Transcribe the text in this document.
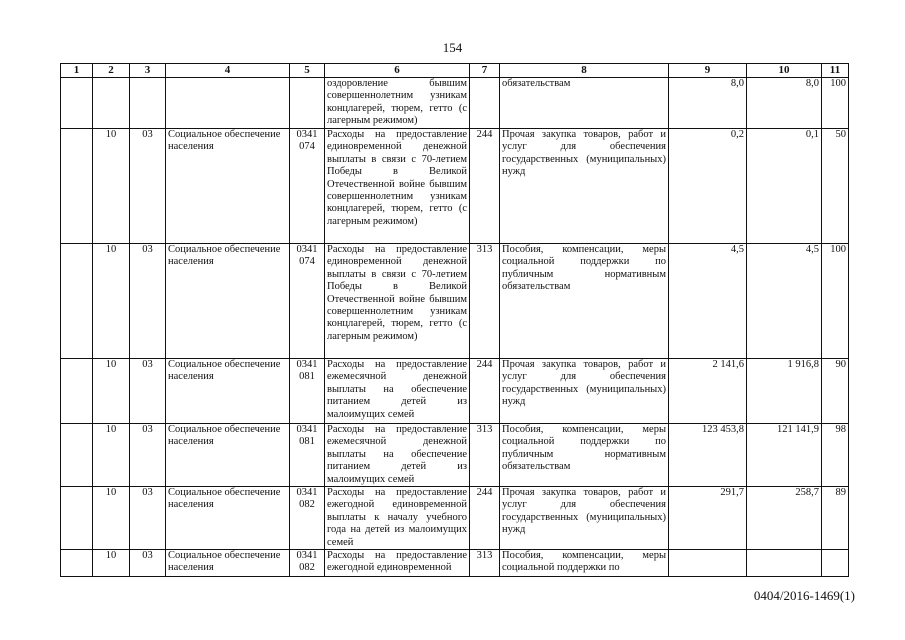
154
1	2	3	4	5	6	7	8	9	10	11
					оздоровление бывшим совершеннолетним узникам концлагерей, тюрем, гетто (с лагерным режимом)		обязательствам	8,0	8,0	100
	10	03	Социальное обеспечение населения	0341 074	Расходы на предоставление единовременной денежной выплаты в связи с 70-летием Победы в Великой Отечественной войне бывшим совершеннолетним узникам концлагерей, тюрем, гетто (с лагерным режимом)	244	Прочая закупка товаров, работ и услуг для обеспечения государственных (муниципальных) нужд	0,2	0,1	50
	10	03	Социальное обеспечение населения	0341 074	Расходы на предоставление единовременной денежной выплаты в связи с 70-летием Победы в Великой Отечественной войне бывшим совершеннолетним узникам концлагерей, тюрем, гетто (с лагерным режимом)	313	Пособия, компенсации, меры социальной поддержки по публичным нормативным обязательствам	4,5	4,5	100
	10	03	Социальное обеспечение населения	0341 081	Расходы на предоставление ежемесячной денежной выплаты на обеспечение питанием детей из малоимущих семей	244	Прочая закупка товаров, работ и услуг для обеспечения государственных (муниципальных) нужд	2 141,6	1 916,8	90
	10	03	Социальное обеспечение населения	0341 081	Расходы на предоставление ежемесячной денежной выплаты на обеспечение питанием детей из малоимущих семей	313	Пособия, компенсации, меры социальной поддержки по публичным нормативным обязательствам	123 453,8	121 141,9	98
	10	03	Социальное обеспечение населения	0341 082	Расходы на предоставление ежегодной единовременной выплаты к началу учебного года на детей из малоимущих семей	244	Прочая закупка товаров, работ и услуг для обеспечения государственных (муниципальных) нужд	291,7	258,7	89
	10	03	Социальное обеспечение населения	0341 082	Расходы на предоставление ежегодной единовременной	313	Пособия, компенсации, меры социальной поддержки по			
0404/2016-1469(1)
